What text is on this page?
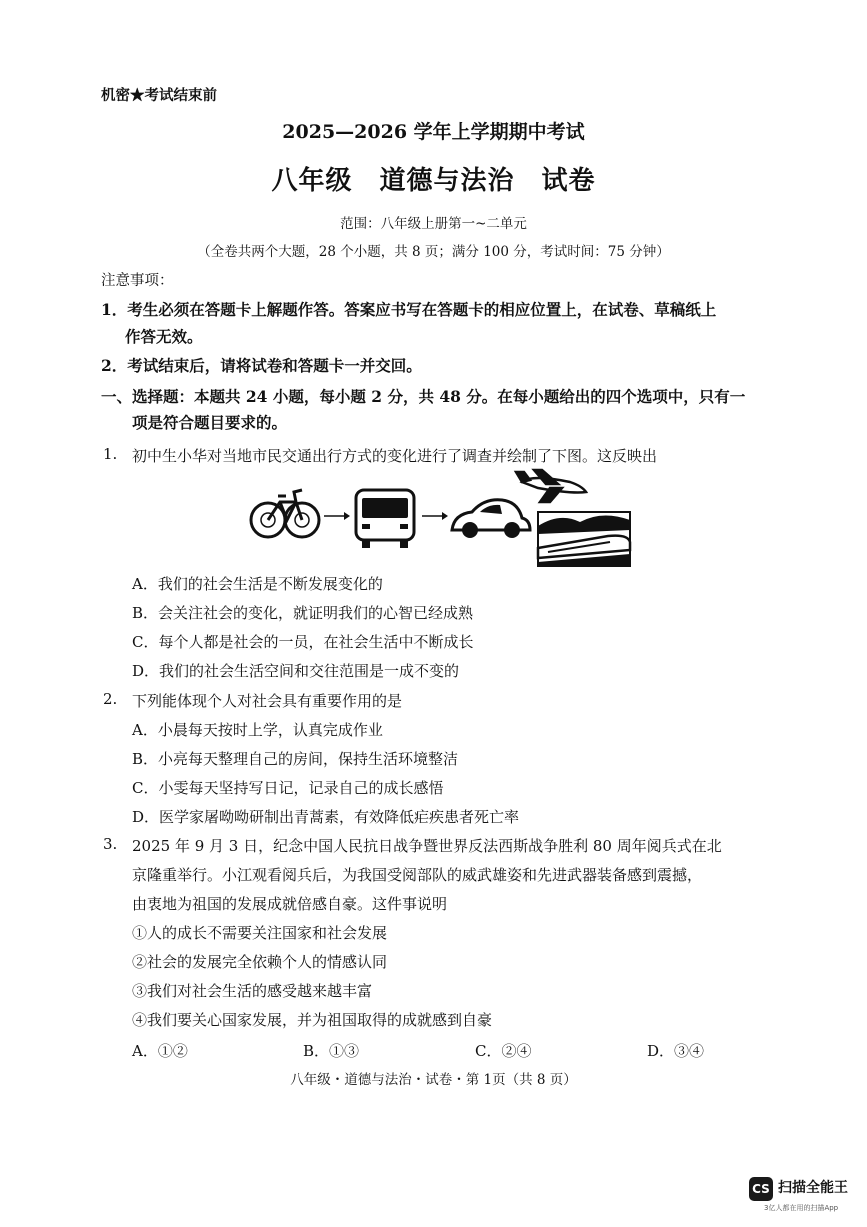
机密★考试结束前
2025—2026 学年上学期期中考试
八年级　道德与法治　试卷
范围：八年级上册第一~二单元
（全卷共两个大题，28 个小题，共 8 页；满分 100 分，考试时间：75 分钟）
注意事项：
1．考生必须在答题卡上解题作答。答案应书写在答题卡的相应位置上，在试卷、草稿纸上
作答无效。
2．考试结束后，请将试卷和答题卡一并交回。
一、选择题：本题共 24 小题，每小题 2 分，共 48 分。在每小题给出的四个选项中，只有一
项是符合题目要求的。
1. 初中生小华对当地市民交通出行方式的变化进行了调查并绘制了下图。这反映出
A．我们的社会生活是不断发展变化的
B．会关注社会的变化，就证明我们的心智已经成熟
C．每个人都是社会的一员，在社会生活中不断成长
D．我们的社会生活空间和交往范围是一成不变的
2. 下列能体现个人对社会具有重要作用的是
A．小晨每天按时上学，认真完成作业
B．小亮每天整理自己的房间，保持生活环境整洁
C．小雯每天坚持写日记，记录自己的成长感悟
D．医学家屠呦呦研制出青蒿素，有效降低疟疾患者死亡率
3. 2025 年 9 月 3 日，纪念中国人民抗日战争暨世界反法西斯战争胜利 80 周年阅兵式在北
京隆重举行。小江观看阅兵后，为我国受阅部队的威武雄姿和先进武器装备感到震撼，
由衷地为祖国的发展成就倍感自豪。这件事说明
①人的成长不需要关注国家和社会发展
②社会的发展完全依赖个人的情感认同
③我们对社会生活的感受越来越丰富
④我们要关心国家发展，并为祖国取得的成就感到自豪
A．①②	B．①③	C．②④	D．③④
八年级・道德与法治・试卷・第 1页（共 8 页）
CS 扫描全能王
3亿人都在用的扫描App
